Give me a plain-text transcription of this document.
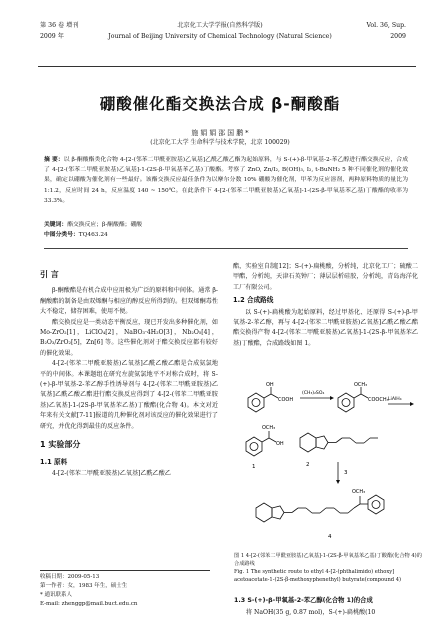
第 36 卷 增刊
2009 年
北京化工大学学报(自然科学版)
Journal of Beijing University of Chemical Technology (Natural Science)
Vol. 36, Sup.
2009
硼酸催化酯交换法合成 β-酮酸酯
施 娟 娟 邵 国 鹏 *
(北京化工大学 生命科学与技术学院，北京 100029)
摘 要：以 β-酮酸酯类化合物 4-[2-(邻苯二甲酰亚胺基)乙氧基]乙酰乙酸乙酯为起始原料，与 S-(+)-β-甲氧基-2-苯乙醇进行酯交换反应，合成了 4-[2-(邻苯二甲酰亚胺基)乙氧基]-1-(2S-β-甲氧基苯乙基)丁酸酯。考察了 ZnO, Zn/I₂, B(OH)₃, I₂, t-BuNH₂ 5 种不同催化剂的催化效果，确定以硼酸为催化剂有一些最好。该酯交换反应最佳条件为以摩尔分数 10% 硼酸为催化剂，甲苯为反应溶剂，两种原料物质的量比为 1:1.2，反应时间 24 h，反应温度 140 ~ 150℃。在此条件下 4-[2-(邻苯二甲酰亚胺基)乙氧基]-1-(2S-β-甲氧基苯乙基)丁酸酯的收率为 33.3%。
关键词：酯交换反应；β-酮酸酯；硼酸
中图分类号：TQ463.24
引 言

β-酮酸酯是有机合成中应用极为广泛的原料和中间体。通常 β-酮酸酯的制备是由双烯酮与相应的醇反应所得到的。但双烯酮毒性大不稳定，储存困难，使用不便。

酯交换反应是一类动态平衡反应，现已开发出多种催化剂，如 Mo-ZrO₂[1]，LiClO₄[2]，NaBO₃·4H₂O[3]，Nb₂O₅[4]，B₂O₃/ZrO₂[5]，Zn[6] 等。这些催化剂对于酯交换反应都有较好的催化效果。

4-[2-(邻苯二甲酰亚胺基)乙氧基]乙酰乙酸乙酯是合成氨氯地平的中间体。本课题组在研究左旋氨氯地平不对称合成时，将 S-(+)-β-甲氧基-2-苯乙醇手性诱导剂与 4-[2-(邻苯二甲酰亚胺基)乙氧基]乙酰乙酸乙酯进行酯交换反应得到了 4-[2-(邻苯二甲酰亚胺基)乙氧基]-1-(2S-β-甲氧基苯乙基)丁酸酯(化合物 4)。本文对近年来有关文献[7-11]报道的几种催化剂对该反应的催化效果进行了研究，并优化得到最佳的反应条件。

1 实验部分
1.1 原料

4-[2-(邻苯二甲酰亚胺基)乙氧基]乙酰乙酸乙

收稿日期：2009-05-13
第一作者：女，1983 年生，硕士生
* 通讯联系人
E-mail: zhenggp@mail.buct.edu.cn

酯，实验室自制[12]；S-(+)-扁桃酸，分析纯，北京化工厂；硫酸二甲酯，分析纯，天津石英钟厂；薄层层析硅胶，分析纯，青岛海洋化工厂有限公司。

1.2 合成路线

以 S-(+)-扁桃酸为起始原料，经过甲基化、还原得 S-(+)-β-甲氧基-2-苯乙醇，再与 4-[2-(邻苯二甲酰亚胺基)乙氧基]乙酰乙酸乙酯酯交换得产物 4-[2-(邻苯二甲酰亚胺基)乙氧基]-1-(2S-β-甲氧基苯乙基)丁酸酯，合成路线如图 1。

OH
COOH
(CH₃)₂SO₄
OCH₃
COOCH₃ LiAlH₄
OCH₃
OH
1	2
3
OCH₃
4
图 1 4-[2-(邻苯二甲酰亚胺基)乙氧基]-1-(2S-β-甲氧基苯乙基)丁酸酯(化合物 4)的合成路线
Fig. 1 The synthetic route to ethyl 4-[2-(phthalimido) ethoxy] acetoacetate-1-(2S-β-methoxyphenethyl) butyrate(compound 4)
1.3 S-(+)-β-甲氧基-2-苯乙醇(化合物 1)的合成

将 NaOH(35 g, 0.87 mol)，S-(+)-扁桃酸(10
